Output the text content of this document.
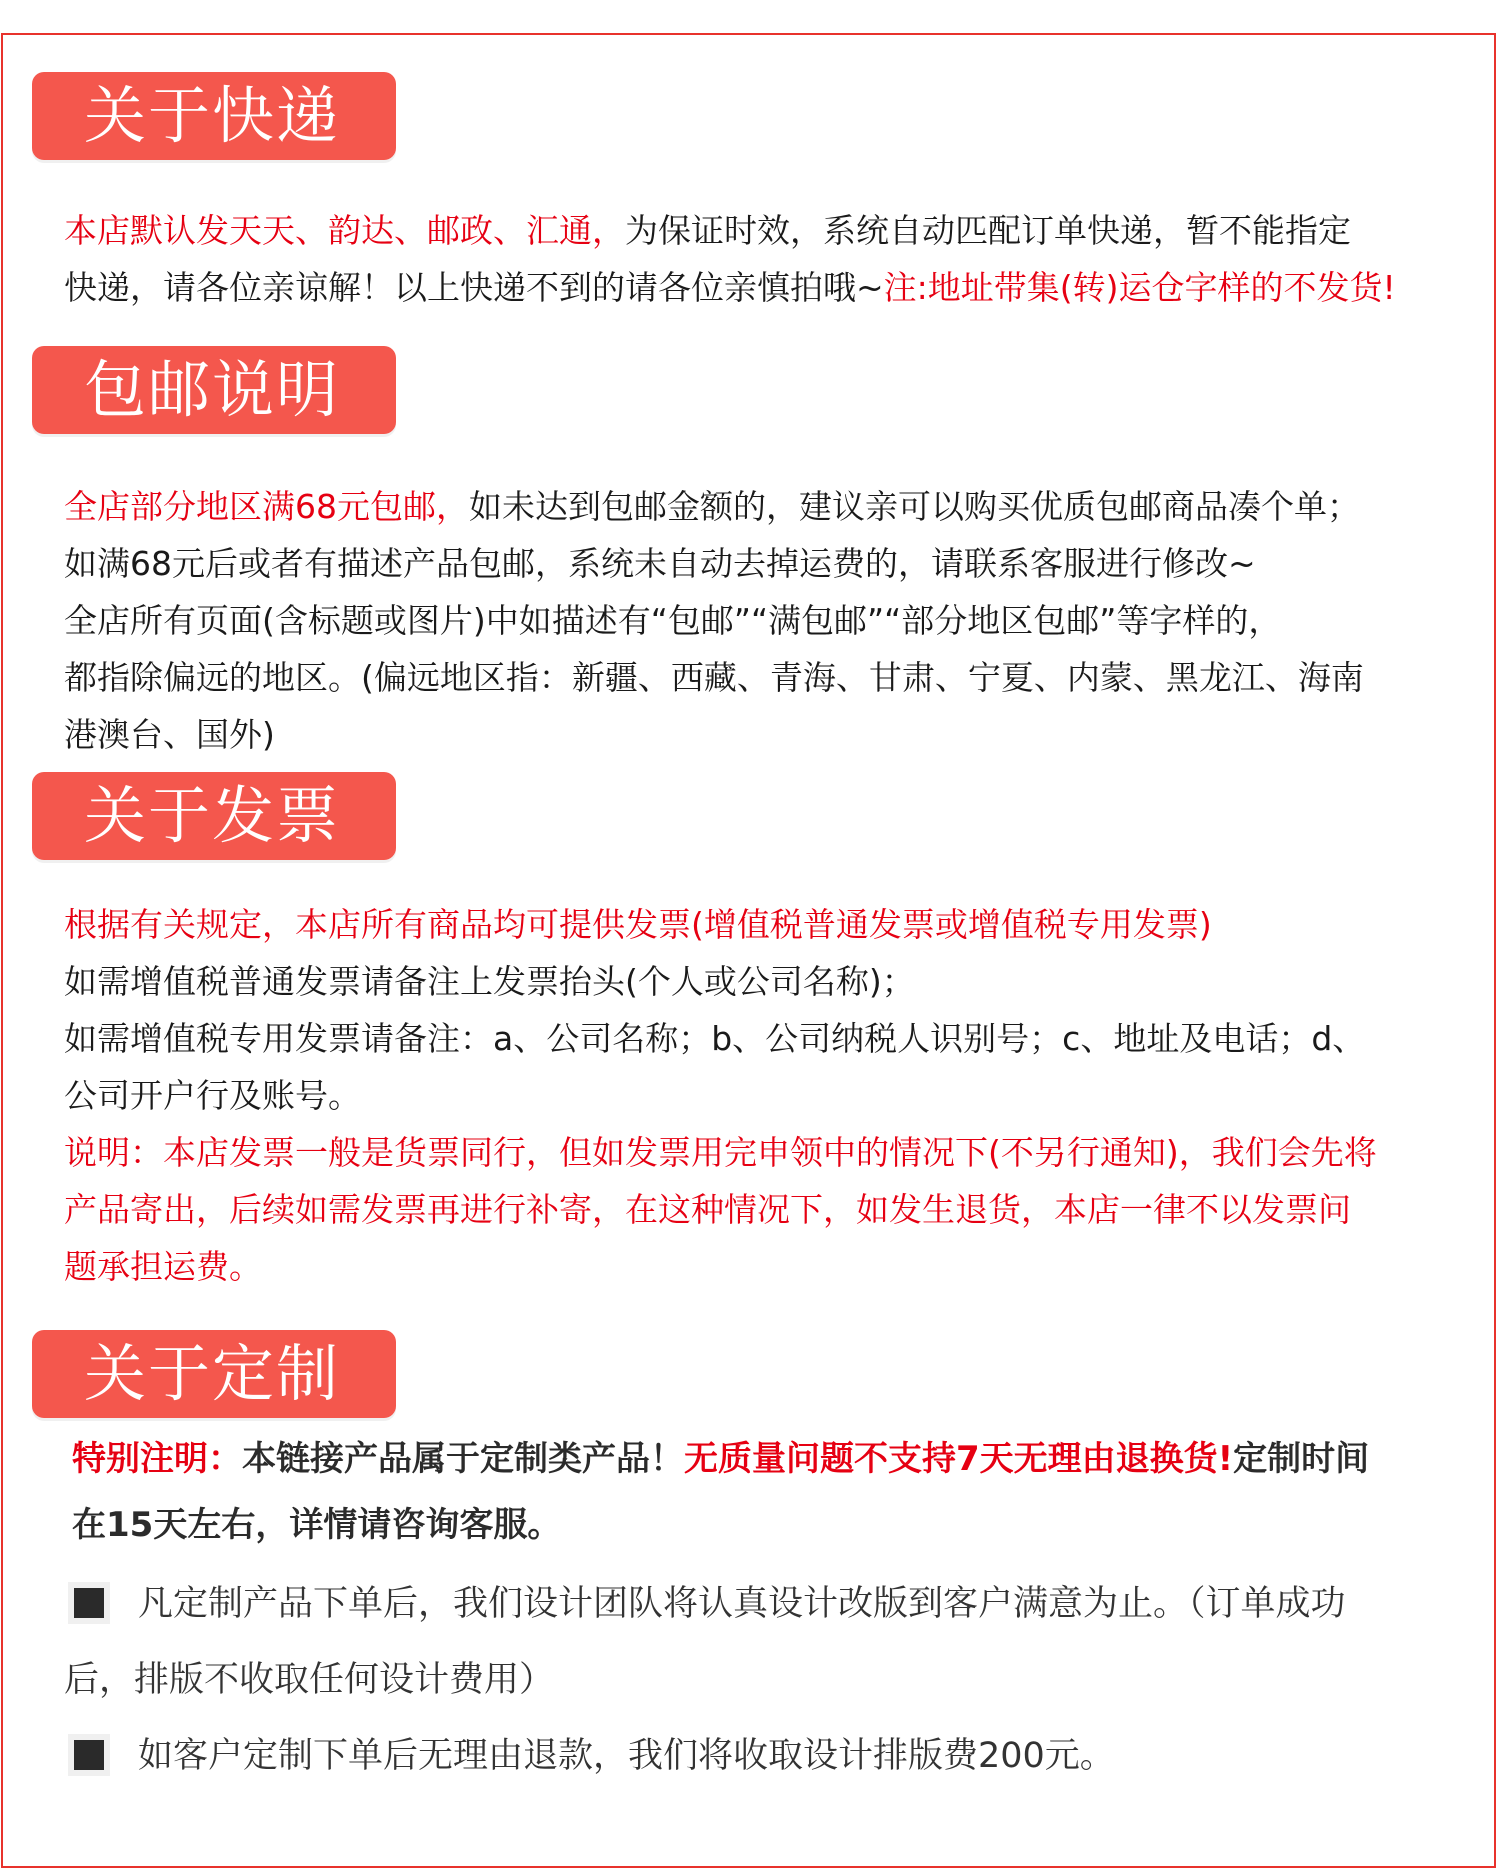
关于快递

本店默认发天天、韵达、邮政、汇通，为保证时效，系统自动匹配订单快递，暂不能指定
快递，请各位亲谅解！以上快递不到的请各位亲慎拍哦~注:地址带集(转)运仓字样的不发货!

包邮说明

全店部分地区满68元包邮，如未达到包邮金额的，建议亲可以购买优质包邮商品凑个单；
如满68元后或者有描述产品包邮，系统未自动去掉运费的，请联系客服进行修改~
全店所有页面(含标题或图片)中如描述有“包邮”“满包邮”“部分地区包邮”等字样的，
都指除偏远的地区。(偏远地区指：新疆、西藏、青海、甘肃、宁夏、内蒙、黑龙江、海南
港澳台、国外)

关于发票

根据有关规定，本店所有商品均可提供发票(增值税普通发票或增值税专用发票)
如需增值税普通发票请备注上发票抬头(个人或公司名称)；
如需增值税专用发票请备注：a、公司名称；b、公司纳税人识别号；c、地址及电话；d、
公司开户行及账号。
说明：本店发票一般是货票同行，但如发票用完申领中的情况下(不另行通知)，我们会先将
产品寄出，后续如需发票再进行补寄，在这种情况下，如发生退货，本店一律不以发票问
题承担运费。

关于定制

特别注明：本链接产品属于定制类产品！无质量问题不支持7天无理由退换货!定制时间
在15天左右，详情请咨询客服。

凡定制产品下单后，我们设计团队将认真设计改版到客户满意为止。（订单成功
后，排版不收取任何设计费用）

如客户定制下单后无理由退款，我们将收取设计排版费200元。
